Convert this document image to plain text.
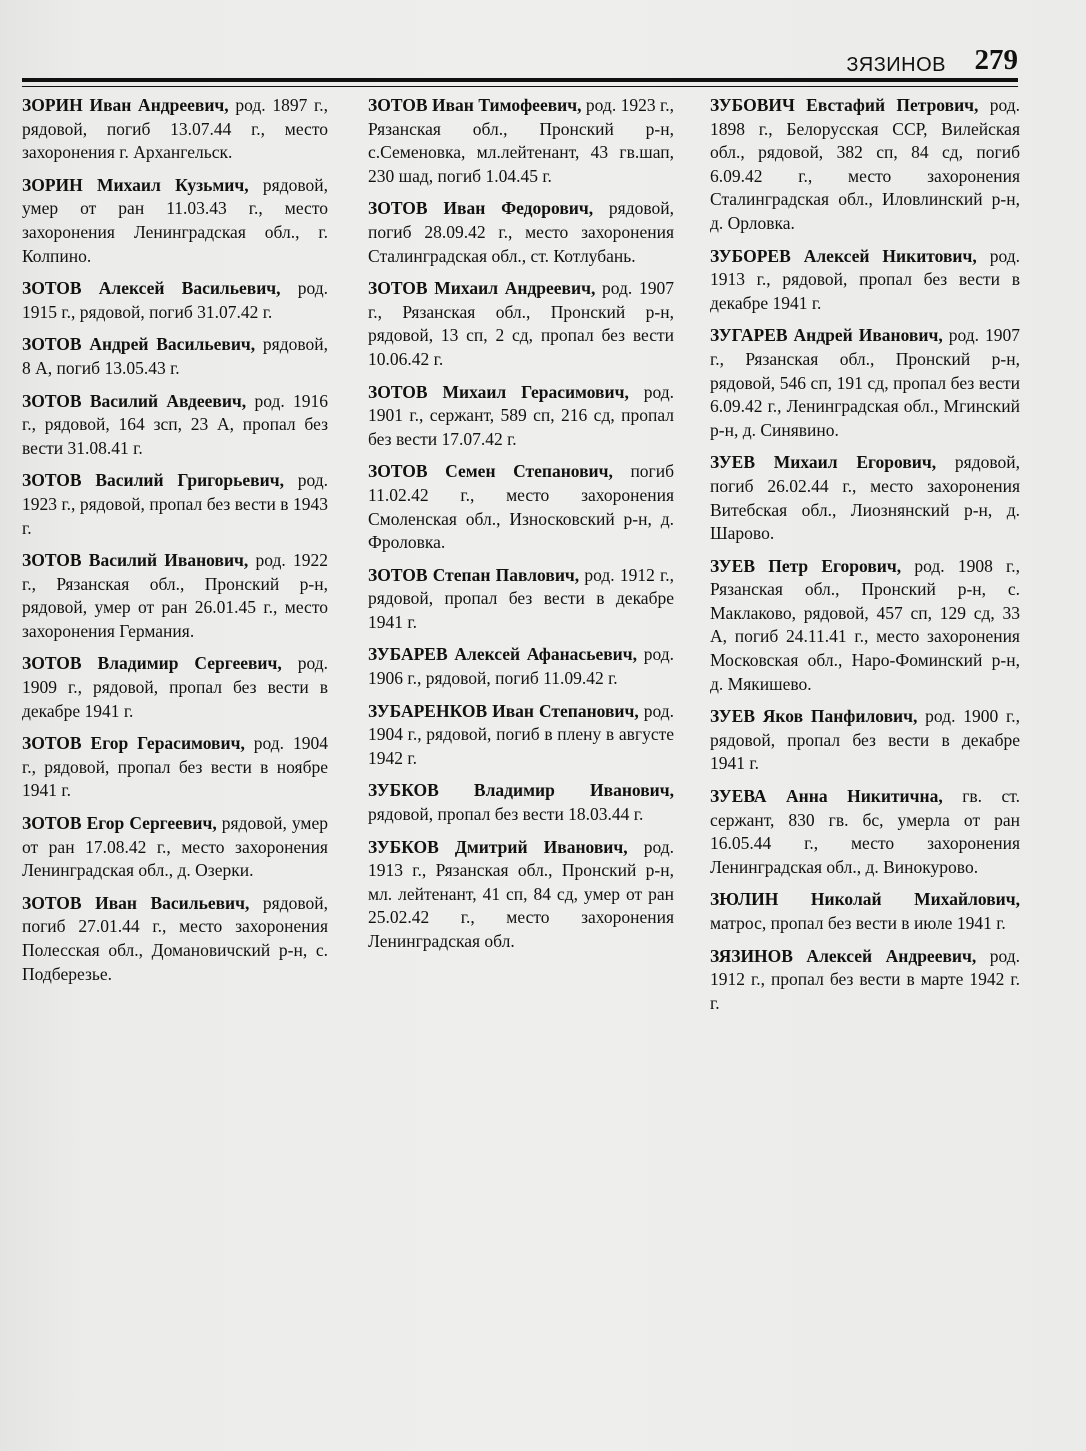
ЗЯЗИНОВ 279

ЗОРИН Иван Андреевич, род. 1897 г., рядовой, погиб 13.07.44 г., место захоронения г. Архангельск.

ЗОРИН Михаил Кузьмич, рядовой, умер от ран 11.03.43 г., место захоронения Ленинградская обл., г. Колпино.

ЗОТОВ Алексей Васильевич, род. 1915 г., рядовой, погиб 31.07.42 г.

ЗОТОВ Андрей Васильевич, рядовой, 8 А, погиб 13.05.43 г.

ЗОТОВ Василий Авдеевич, род. 1916 г., рядовой, 164 зсп, 23 А, пропал без вести 31.08.41 г.

ЗОТОВ Василий Григорьевич, род. 1923 г., рядовой, пропал без вести в 1943 г.

ЗОТОВ Василий Иванович, род. 1922 г., Рязанская обл., Пронский р-н, рядовой, умер от ран 26.01.45 г., место захоронения Германия.

ЗОТОВ Владимир Сергеевич, род. 1909 г., рядовой, пропал без вести в декабре 1941 г.

ЗОТОВ Егор Герасимович, род. 1904 г., рядовой, пропал без вести в ноябре 1941 г.

ЗОТОВ Егор Сергеевич, рядовой, умер от ран 17.08.42 г., место захоронения Ленинградская обл., д. Озерки.

ЗОТОВ Иван Васильевич, рядовой, погиб 27.01.44 г., место захоронения Полесская обл., Домановичский р-н, с. Подберезье.

ЗОТОВ Иван Тимофеевич, род. 1923 г., Рязанская обл., Пронский р-н, с.Семеновка, мл.лейтенант, 43 гв.шап, 230 шад, погиб 1.04.45 г.

ЗОТОВ Иван Федорович, рядовой, погиб 28.09.42 г., место захоронения Сталинградская обл., ст. Котлубань.

ЗОТОВ Михаил Андреевич, род. 1907 г., Рязанская обл., Пронский р-н, рядовой, 13 сп, 2 сд, пропал без вести 10.06.42 г.

ЗОТОВ Михаил Герасимович, род. 1901 г., сержант, 589 сп, 216 сд, пропал без вести 17.07.42 г.

ЗОТОВ Семен Степанович, погиб 11.02.42 г., место захоронения Смоленская обл., Износковский р-н, д. Фроловка.

ЗОТОВ Степан Павлович, род. 1912 г., рядовой, пропал без вести в декабре 1941 г.

ЗУБАРЕВ Алексей Афанасьевич, род. 1906 г., рядовой, погиб 11.09.42 г.

ЗУБАРЕНКОВ Иван Степанович, род. 1904 г., рядовой, погиб в плену в августе 1942 г.

ЗУБКОВ Владимир Иванович, рядовой, пропал без вести 18.03.44 г.

ЗУБКОВ Дмитрий Иванович, род. 1913 г., Рязанская обл., Пронский р-н, мл. лейтенант, 41 сп, 84 сд, умер от ран 25.02.42 г., место захоронения Ленинградская обл.

ЗУБОВИЧ Евстафий Петрович, род. 1898 г., Белорусская ССР, Вилейская обл., рядовой, 382 сп, 84 сд, погиб 6.09.42 г., место захоронения Сталинградская обл., Иловлинский р-н, д. Орловка.

ЗУБОРЕВ Алексей Никитович, род. 1913 г., рядовой, пропал без вести в декабре 1941 г.

ЗУГАРЕВ Андрей Иванович, род. 1907 г., Рязанская обл., Пронский р-н, рядовой, 546 сп, 191 сд, пропал без вести 6.09.42 г., Ленинградская обл., Мгинский р-н, д. Синявино.

ЗУЕВ Михаил Егорович, рядовой, погиб 26.02.44 г., место захоронения Витебская обл., Лиознянский р-н, д. Шарово.

ЗУЕВ Петр Егорович, род. 1908 г., Рязанская обл., Пронский р-н, с. Маклаково, рядовой, 457 сп, 129 сд, 33 А, погиб 24.11.41 г., место захоронения Московская обл., Наро-Фоминский р-н, д. Мякишево.

ЗУЕВ Яков Панфилович, род. 1900 г., рядовой, пропал без вести в декабре 1941 г.

ЗУЕВА Анна Никитична, гв. ст. сержант, 830 гв. бс, умерла от ран 16.05.44 г., место захоронения Ленинградская обл., д. Винокурово.

ЗЮЛИН Николай Михайлович, матрос, пропал без вести в июле 1941 г.

ЗЯЗИНОВ Алексей Андреевич, род. 1912 г., пропал без вести в марте 1942 г. г.
